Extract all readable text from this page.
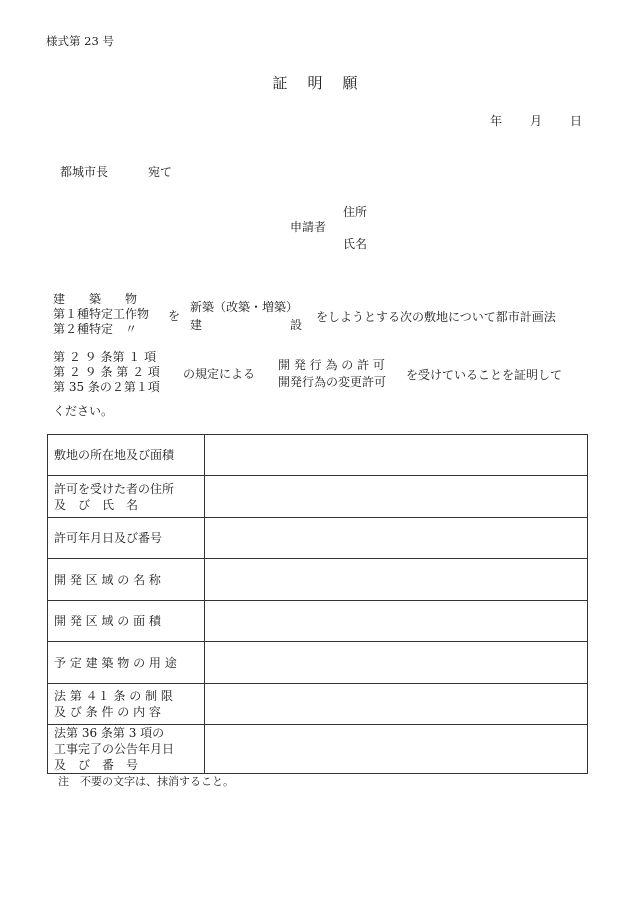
様式第 23 号
証 明 願
年 月 日
都城市長	宛て
申請者
住所
氏名
建　　築　　物
第１種特定工作物
第２種特定　〃
を
新築（改築・増築）
建	設
をしようとする次の敷地について都市計画法
第 ２ ９ 条第 １ 項
第 ２ ９ 条 第 ２ 項
第 35 条の２第１項
の規定による
開 発 行 為 の 許 可
開発行為の変更許可	を受けていることを証明して
ください。
敷地の所在地及び面積	

許可を受けた者の住所
及　び　氏　名	

許可年月日及び番号	

開 発 区 域 の 名 称	

開 発 区 域 の 面 積	

予 定 建 築 物 の 用 途	

法 第 ４１ 条 の 制 限
及 び 条 件 の 内 容	

法第 36 条第 3 項の
工事完了の公告年月日
及　び　番　号	

注　不要の文字は、抹消すること。
